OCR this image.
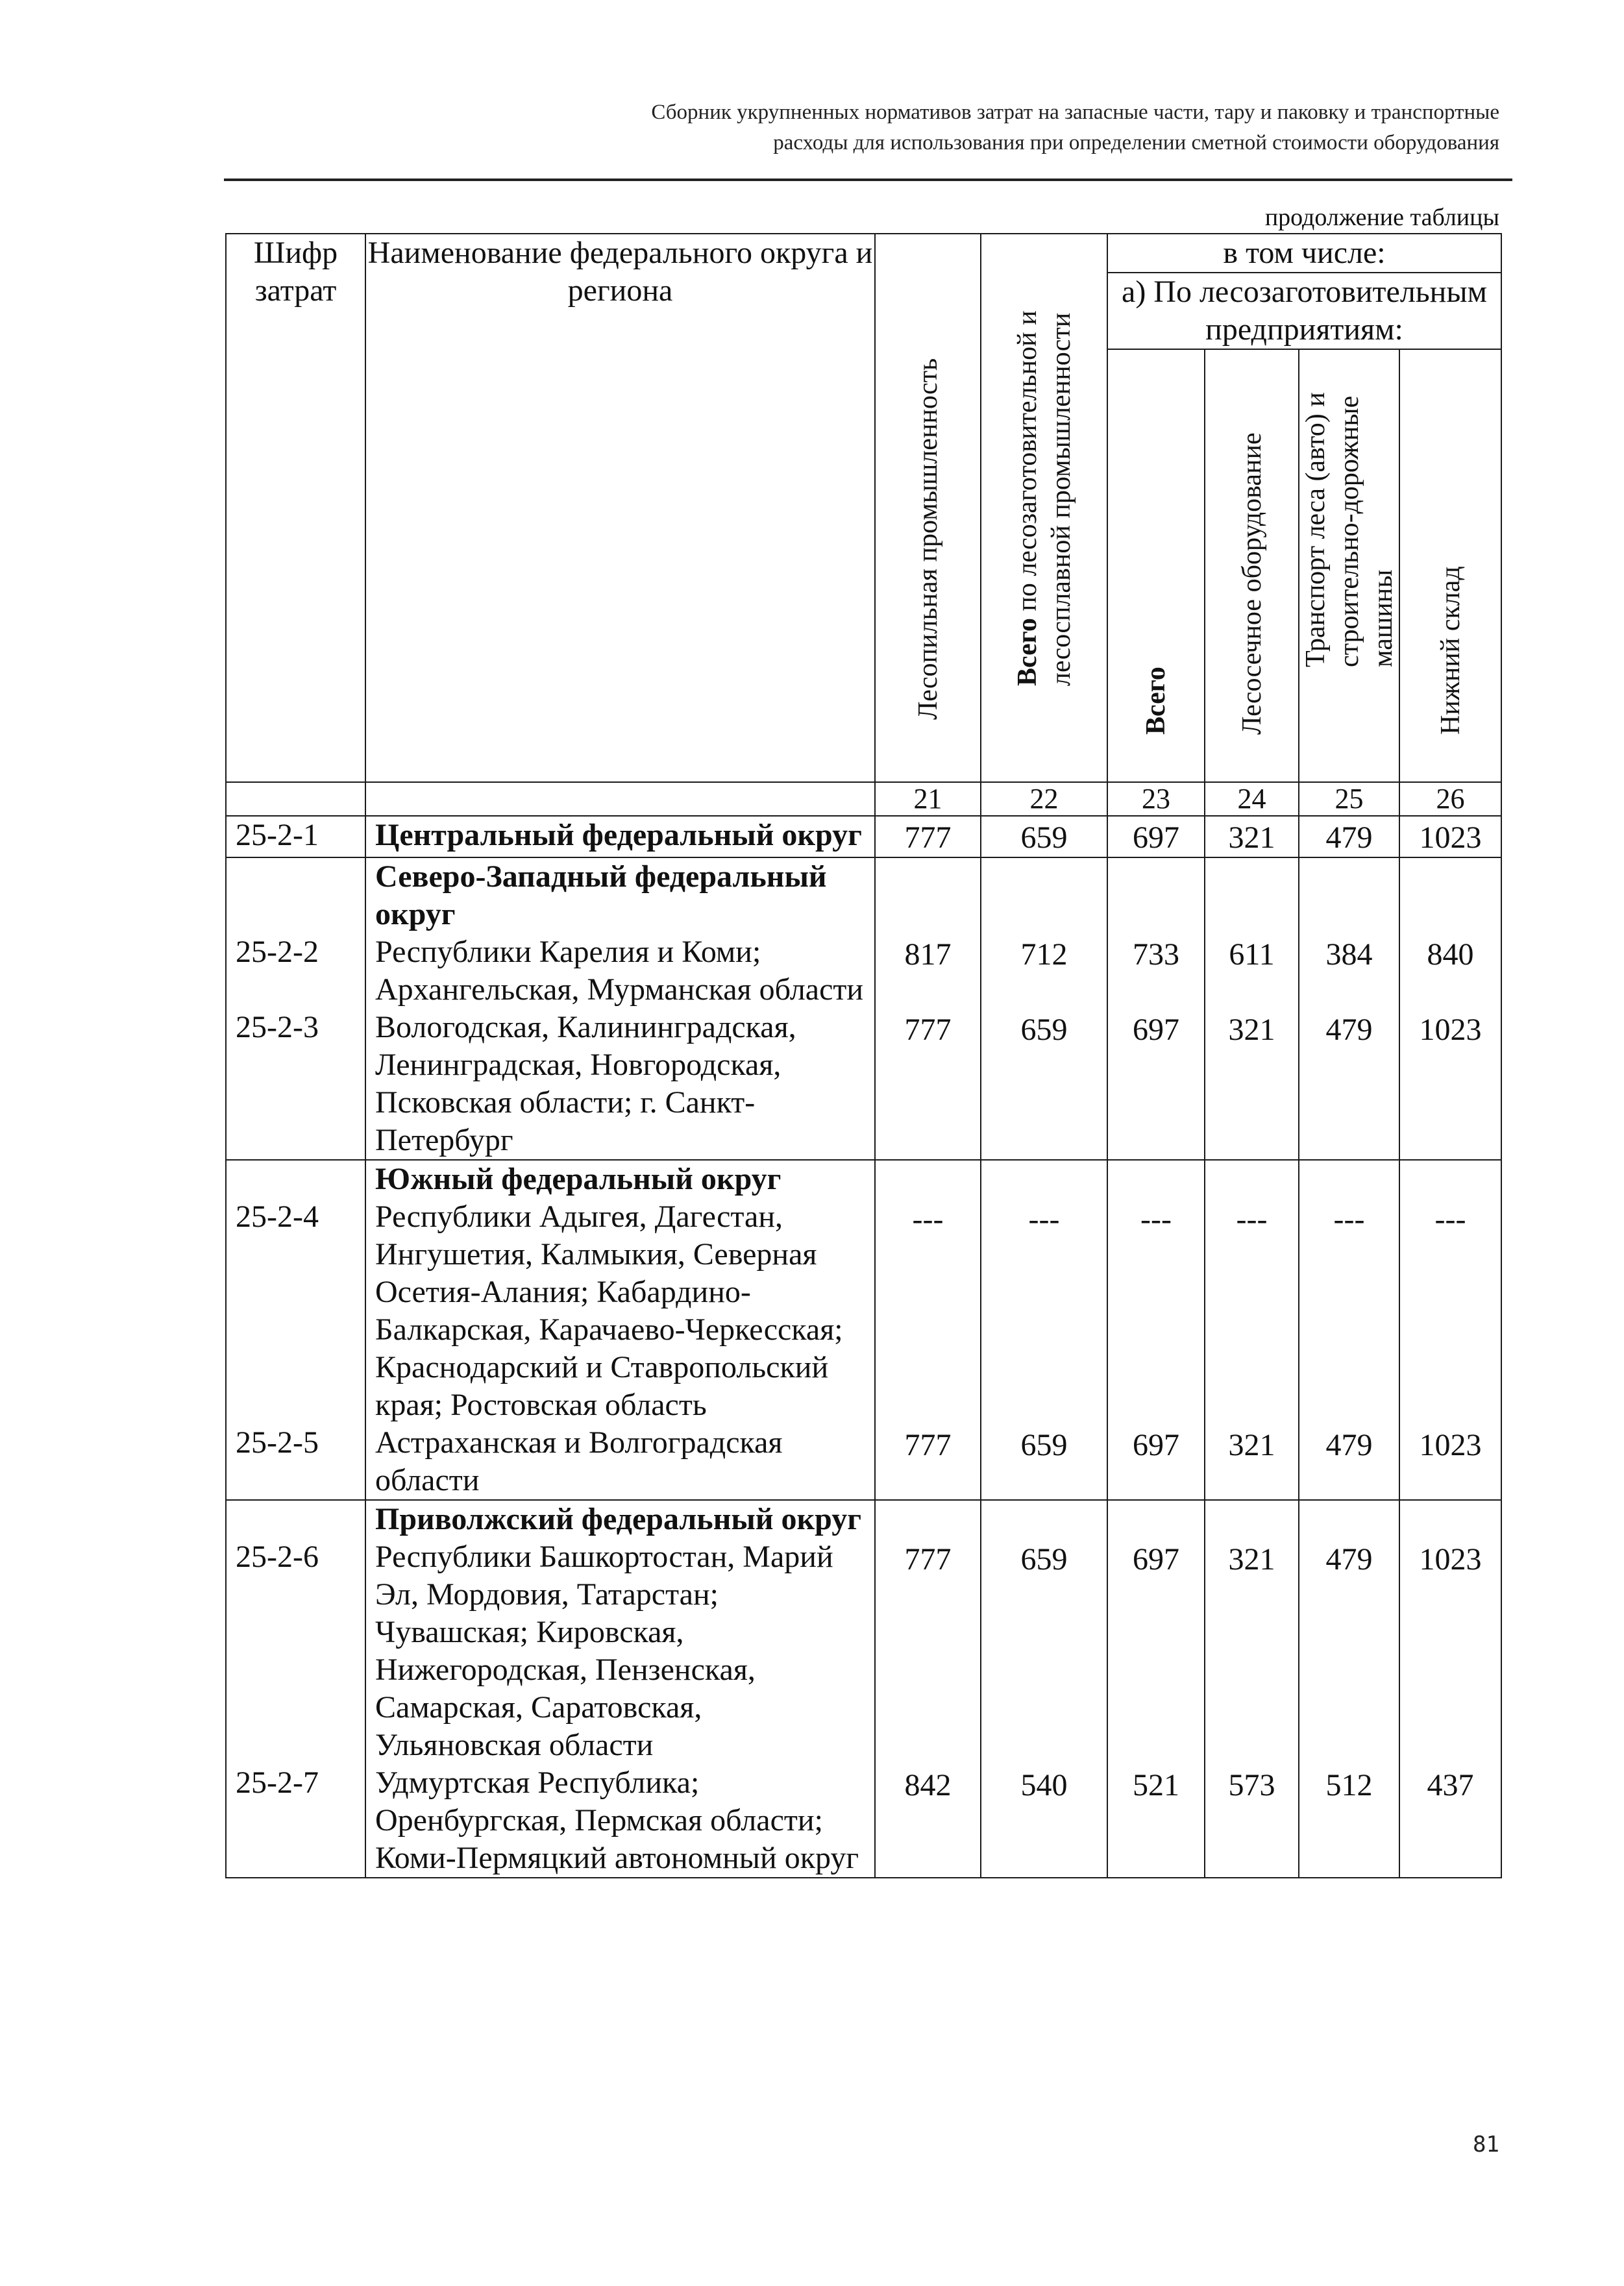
Сборник укрупненных нормативов затрат на запасные части, тару и паковку и транспортные
расходы для использования при определении сметной стоимости оборудования
продолжение таблицы
Шифр затрат	Наименование федерального округа и региона	Лесопильная промышленность	Всего по лесозаготовительной и лесосплавной промышленности	в том числе:			
				а) По лесозаготовительным предприятиям:			

				Всего	Лесосечное оборудование	Транспорт леса (авто) и строительно-дорожные машины	Нижний склад

		21	22	23	24	25	26
25-2-1	Центральный федеральный округ	777	659	697	321	479	1023
	Северо-Западный федеральный округ						
25-2-2	Республики Карелия и Коми; Архангельская, Мурманская области	817	712	733	611	384	840
25-2-3	Вологодская, Калининградская, Ленинградская, Новгородская, Псковская области; г. Санкт-Петербург	777	659	697	321	479	1023
	Южный федеральный округ						
25-2-4	Республики Адыгея, Дагестан, Ингушетия, Калмыкия, Северная Осетия-Алания; Кабардино-Балкарская, Карачаево-Черкесская; Краснодарский и Ставропольский края; Ростовская область	---	---	---	---	---	---
25-2-5	Астраханская и Волгоградская области	777	659	697	321	479	1023
	Приволжский федеральный округ						
25-2-6	Республики Башкортостан, Марий Эл, Мордовия, Татарстан; Чувашская; Кировская, Нижегородская, Пензенская, Самарская, Саратовская, Ульяновская области	777	659	697	321	479	1023
25-2-7	Удмуртская Республика; Оренбургская, Пермская области; Коми-Пермяцкий автономный округ	842	540	521	573	512	437
81
